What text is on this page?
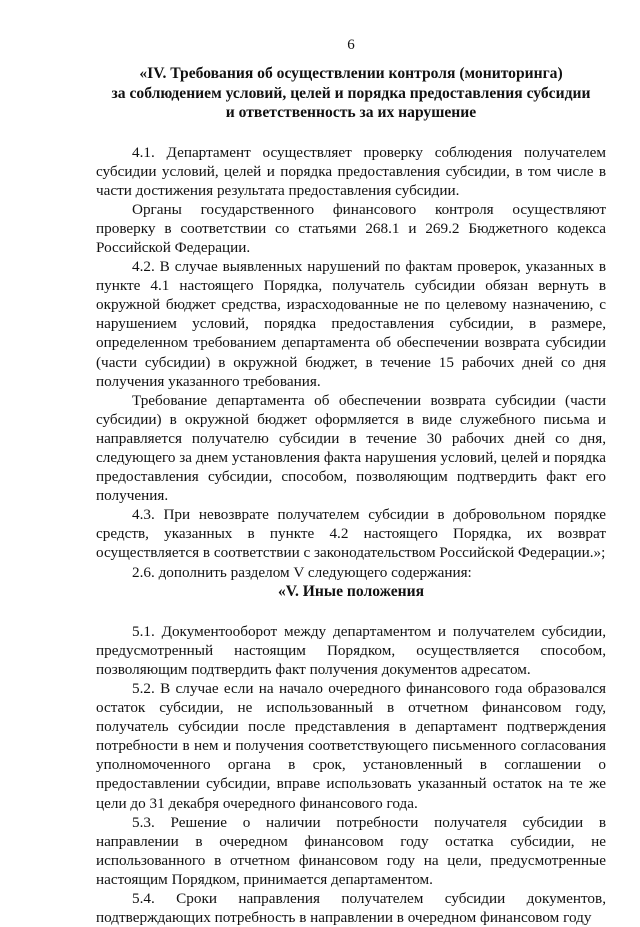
6
«IV. Требования об осуществлении контроля (мониторинга)
за соблюдением условий, целей и порядка предоставления субсидии
и ответственность за их нарушение

4.1. Департамент осуществляет проверку соблюдения получателем субсидии условий, целей и порядка предоставления субсидии, в том числе в части достижения результата предоставления субсидии.

Органы государственного финансового контроля осуществляют проверку в соответствии со статьями 268.1 и 269.2 Бюджетного кодекса Российской Федерации.

4.2. В случае выявленных нарушений по фактам проверок, указанных в пункте 4.1 настоящего Порядка, получатель субсидии обязан вернуть в окружной бюджет средства, израсходованные не по целевому назначению, с нарушением условий, порядка предоставления субсидии, в размере, определенном требованием департамента об обеспечении возврата субсидии (части субсидии) в окружной бюджет, в течение 15 рабочих дней со дня получения указанного требования.

Требование департамента об обеспечении возврата субсидии (части субсидии) в окружной бюджет оформляется в виде служебного письма и направляется получателю субсидии в течение 30 рабочих дней со дня, следующего за днем установления факта нарушения условий, целей и порядка предоставления субсидии, способом, позволяющим подтвердить факт его получения.

4.3. При невозврате получателем субсидии в добровольном порядке средств, указанных в пункте 4.2 настоящего Порядка, их возврат осуществляется в соответствии с законодательством Российской Федерации.»;

2.6. дополнить разделом V следующего содержания:

«V. Иные положения

5.1. Документооборот между департаментом и получателем субсидии, предусмотренный настоящим Порядком, осуществляется способом, позволяющим подтвердить факт получения документов адресатом.

5.2. В случае если на начало очередного финансового года образовался остаток субсидии, не использованный в отчетном финансовом году, получатель субсидии после представления в департамент подтверждения потребности в нем и получения соответствующего письменного согласования уполномоченного органа в срок, установленный в соглашении о предоставлении субсидии, вправе использовать указанный остаток на те же цели до 31 декабря очередного финансового года.

5.3. Решение о наличии потребности получателя субсидии в направлении в очередном финансовом году остатка субсидии, не использованного в отчетном финансовом году на цели, предусмотренные настоящим Порядком, принимается департаментом.

5.4. Сроки направления получателем субсидии документов, подтверждающих потребность в направлении в очередном финансовом году
